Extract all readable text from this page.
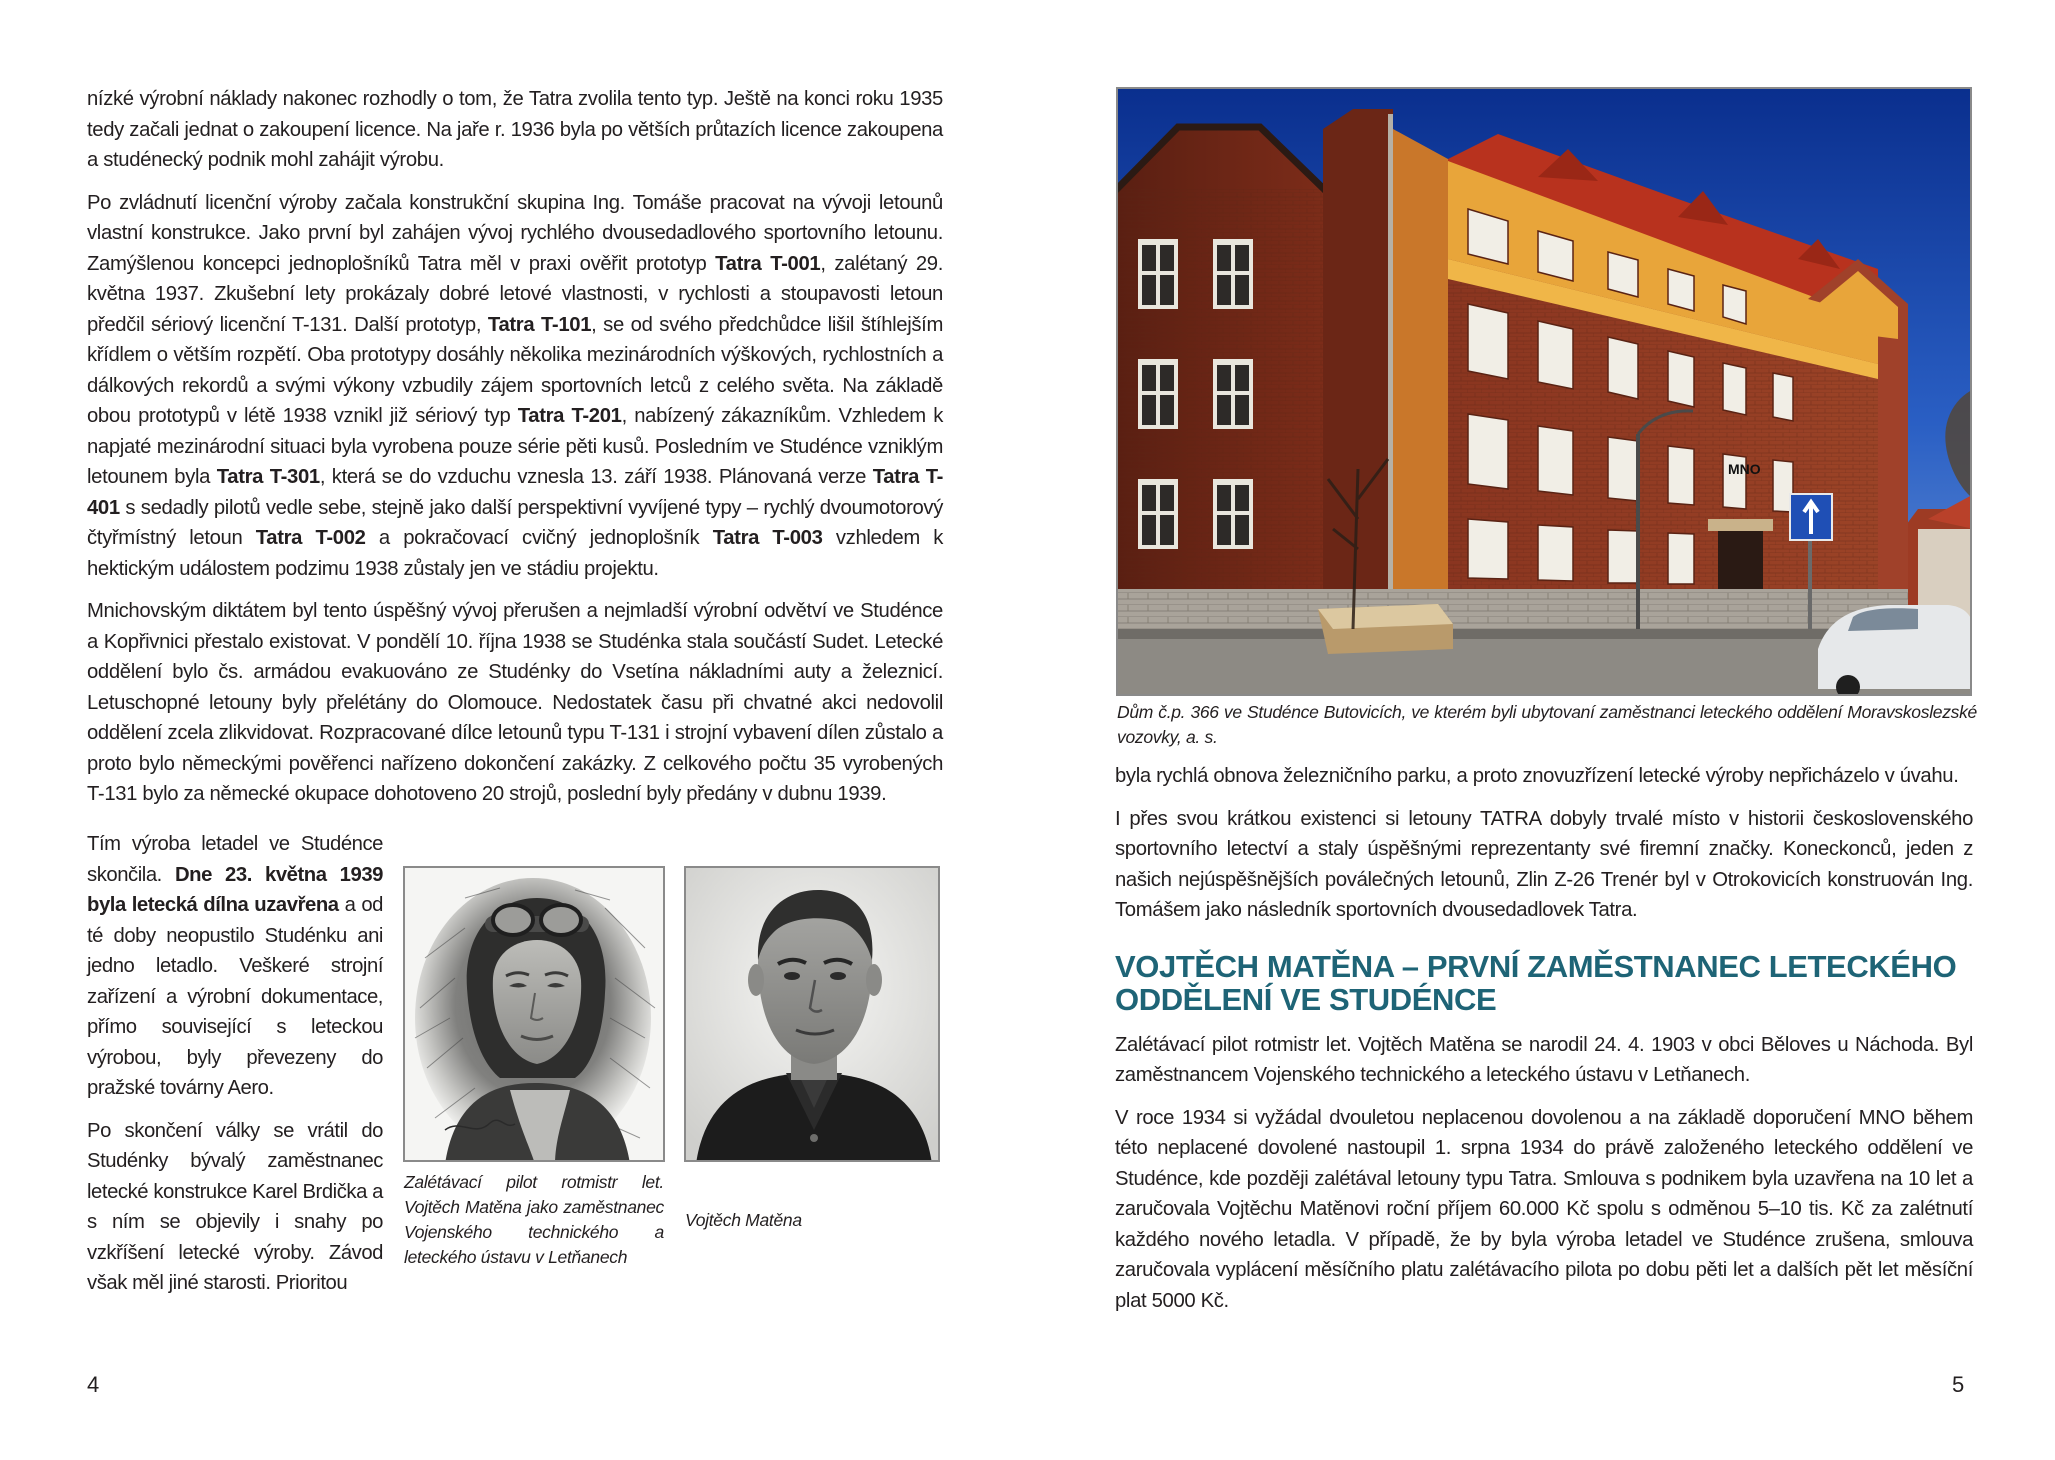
nízké výrobní náklady nakonec rozhodly o tom, že Tatra zvolila tento typ. Ještě na konci roku 1935 tedy začali jednat o zakoupení licence. Na jaře r. 1936 byla po větších průtazích licence zakoupena a studénecký podnik mohl zahájit výrobu.

Po zvládnutí licenční výroby začala konstrukční skupina Ing. Tomáše pracovat na vývoji letounů vlastní konstrukce. Jako první byl zahájen vývoj rychlého dvousedadlového sportovního letounu. Zamýšlenou koncepci jednoplošníků Tatra měl v praxi ověřit prototyp Tatra T-001, zalétaný 29. května 1937. Zkušební lety prokázaly dobré letové vlastnosti, v rychlosti a stoupavosti letoun předčil sériový licenční T-131. Další prototyp, Tatra T-101, se od svého předchůdce lišil štíhlejším křídlem o větším rozpětí. Oba prototypy dosáhly několika mezinárodních výškových, rychlostních a dálkových rekordů a svými výkony vzbudily zájem sportovních letců z celého světa. Na základě obou prototypů v létě 1938 vznikl již sériový typ Tatra T-201, nabízený zákazníkům. Vzhledem k napjaté mezinárodní situaci byla vyrobena pouze série pěti kusů. Posledním ve Studénce vzniklým letounem byla Tatra T-301, která se do vzduchu vznesla 13. září 1938. Plánovaná verze Tatra T-401 s sedadly pilotů vedle sebe, stejně jako další perspektivní vyvíjené typy – rychlý dvoumotorový čtyřmístný letoun Tatra T-002 a pokračovací cvičný jednoplošník Tatra T-003 vzhledem k hektickým událostem podzimu 1938 zůstaly jen ve stádiu projektu.

Mnichovským diktátem byl tento úspěšný vývoj přerušen a nejmladší výrobní odvětví ve Studénce a Kopřivnici přestalo existovat. V pondělí 10. října 1938 se Studénka stala součástí Sudet. Letecké oddělení bylo čs. armádou evakuováno ze Studénky do Vsetína nákladními auty a železnicí. Letuschopné letouny byly přelétány do Olomouce. Nedostatek času při chvatné akci nedovolil oddělení zcela zlikvidovat. Rozpracované dílce letounů typu T-131 i strojní vybavení dílen zůstalo a proto bylo německými pověřenci nařízeno dokončení zakázky. Z celkového počtu 35 vyrobených T-131 bylo za německé okupace dohotoveno 20 strojů, poslední byly předány v dubnu 1939.

Tím výroba letadel ve Studénce skončila. Dne 23. května 1939 byla letecká dílna uzavřena a od té doby neopustilo Studénku ani jedno letadlo. Veškeré strojní zařízení a výrobní dokumentace, přímo související s leteckou výrobou, byly převezeny do pražské továrny Aero.

Po skončení války se vrátil do Studénky bývalý zaměstnanec letecké konstrukce Karel Brdička a s ním se objevily i snahy po vzkříšení letecké výroby. Závod však měl jiné starosti. Prioritou

Zalétávací pilot rotmistr let. Vojtěch Matěna jako zaměstnanec Vojenského technického a leteckého ústavu v Letňanech
Vojtěch Matěna
4
MNO
Dům č.p. 366 ve Studénce Butovicích, ve kterém byli ubytovaní zaměstnanci leteckého oddělení Moravskoslezské vozovky, a. s.

byla rychlá obnova železničního parku, a proto znovuzřízení letecké výroby nepřicházelo v úvahu.

I přes svou krátkou existenci si letouny TATRA dobyly trvalé místo v historii československého sportovního letectví a staly úspěšnými reprezentanty své firemní značky. Koneckonců, jeden z našich nejúspěšnějších poválečných letounů, Zlin Z-26 Trenér byl v Otrokovicích konstruován Ing. Tomášem jako následník sportovních dvousedadlovek Tatra.

VOJTĚCH MATĚNA – PRVNÍ ZAMĚSTNANEC LETECKÉHO ODDĚLENÍ VE STUDÉNCE

Zalétávací pilot rotmistr let. Vojtěch Matěna se narodil 24. 4. 1903 v obci Běloves u Náchoda. Byl zaměstnancem Vojenského technického a leteckého ústavu v Letňanech.

V roce 1934 si vyžádal dvouletou neplacenou dovolenou a na základě doporučení MNO během této neplacené dovolené nastoupil 1. srpna 1934 do právě založeného leteckého oddělení ve Studénce, kde později zalétával letouny typu Tatra. Smlouva s podnikem byla uzavřena na 10 let a zaručovala Vojtěchu Matěnovi roční příjem 60.000 Kč spolu s odměnou 5–10 tis. Kč za zalétnutí každého nového letadla. V případě, že by byla výroba letadel ve Studénce zrušena, smlouva zaručovala vyplácení měsíčního platu zalétávacího pilota po dobu pěti let a dalších pět let měsíční plat 5000 Kč.

5
